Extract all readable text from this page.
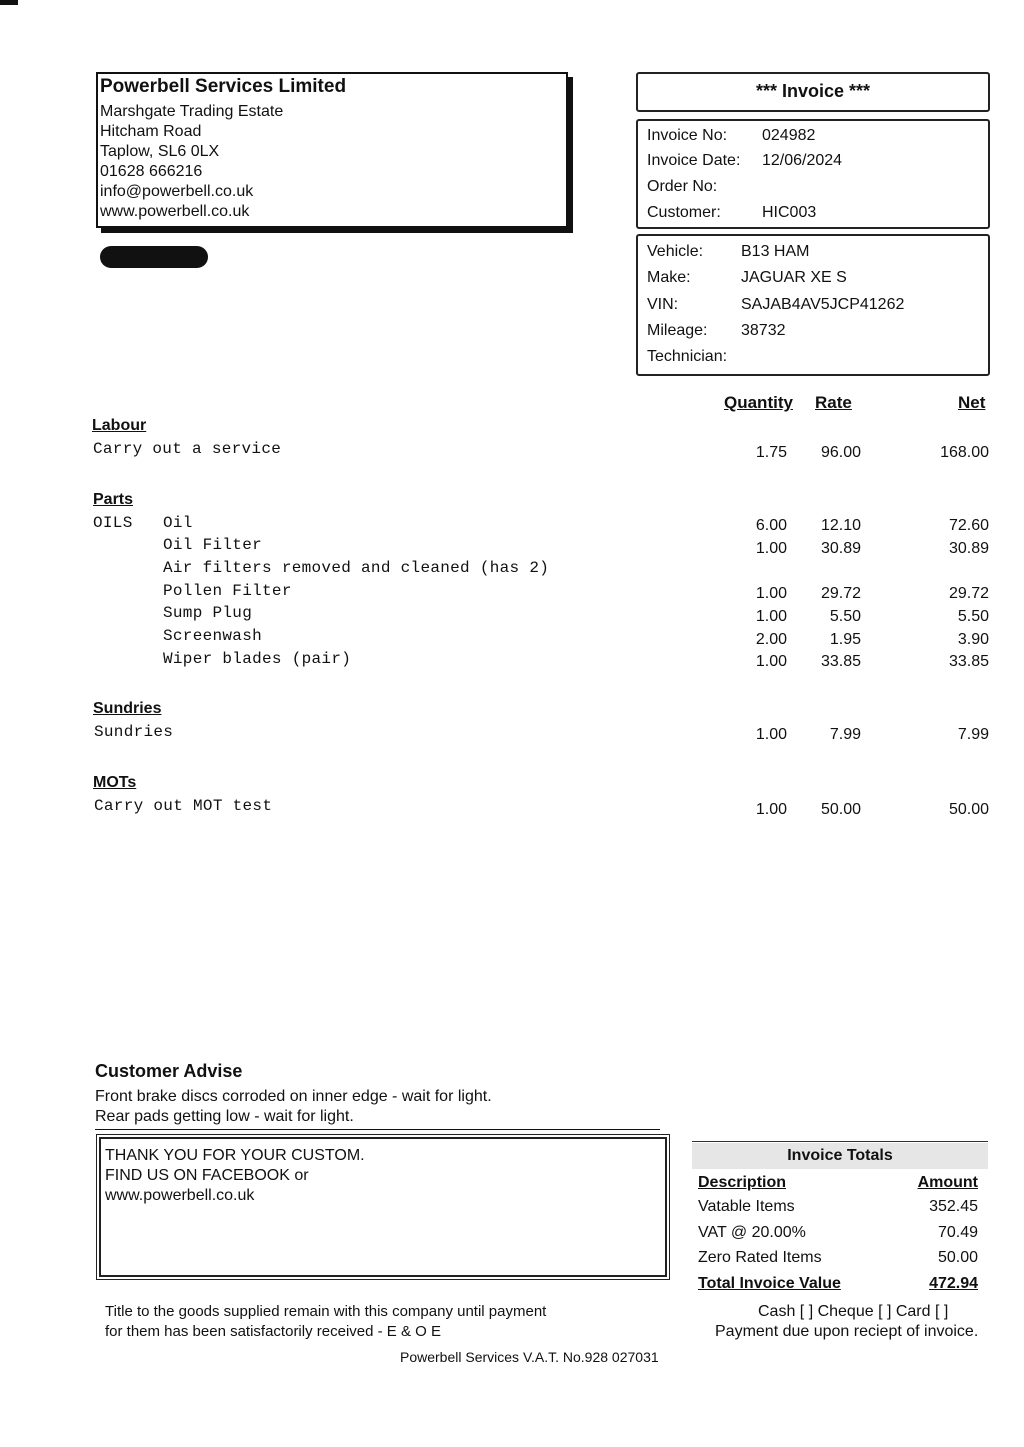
Powerbell Services Limited
Marshgate Trading Estate
Hitcham Road
Taplow, SL6 0LX
01628 666216
info@powerbell.co.uk
www.powerbell.co.uk
*** Invoice ***
Invoice No: 024982
Invoice Date: 12/06/2024
Order No:
Customer:	HIC003
Vehicle: B13 HAM
Make:	JAGUAR XE S
VIN:	SAJAB4AV5JCP41262
Mileage: 38732
Technician:
Quantity Rate	Net
Labour
Carry out a service	1.75	96.00	168.00
Parts
OILS Oil	6.00	12.10	72.60
Oil Filter	1.00	30.89	30.89
Air filters removed and cleaned (has 2)
Pollen Filter	1.00	29.72	29.72
Sump Plug	1.00	5.50	5.50
Screenwash	2.00	1.95	3.90
Wiper blades (pair)	1.00	33.85	33.85
Sundries
Sundries	1.00	7.99	7.99
MOTs
Carry out MOT test	1.00	50.00	50.00
Customer Advise
Front brake discs corroded on inner edge - wait for light.
Rear pads getting low - wait for light.
THANK YOU FOR YOUR CUSTOM.
FIND US ON FACEBOOK or
www.powerbell.co.uk
Title to the goods supplied remain with this company until payment
for them has been satisfactorily received - E & O E
Powerbell Services V.A.T. No.928 027031
Invoice Totals
Description	Amount
Vatable Items	352.45
VAT @ 20.00%	70.49
Zero Rated Items	50.00
Total Invoice Value	472.94
Cash [ ] Cheque [ ] Card [ ]
Payment due upon reciept of invoice.
